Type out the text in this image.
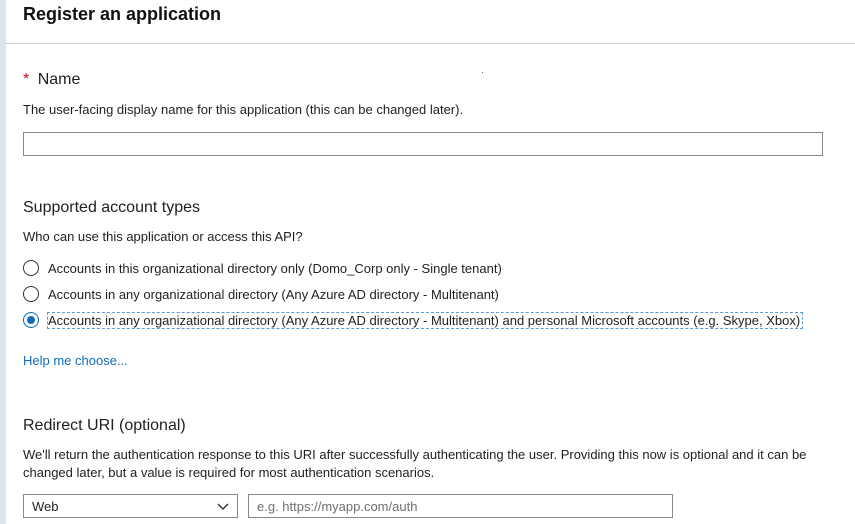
Register an application
* Name
The user-facing display name for this application (this can be changed later).
Supported account types
Who can use this application or access this API?
Accounts in this organizational directory only (Domo_Corp only - Single tenant)
Accounts in any organizational directory (Any Azure AD directory - Multitenant)
Accounts in any organizational directory (Any Azure AD directory - Multitenant) and personal Microsoft accounts (e.g. Skype, Xbox)
Help me choose...
Redirect URI (optional)
We'll return the authentication response to this URI after successfully authenticating the user. Providing this now is optional and it can be
changed later, but a value is required for most authentication scenarios.
Web
e.g. https://myapp.com/auth
